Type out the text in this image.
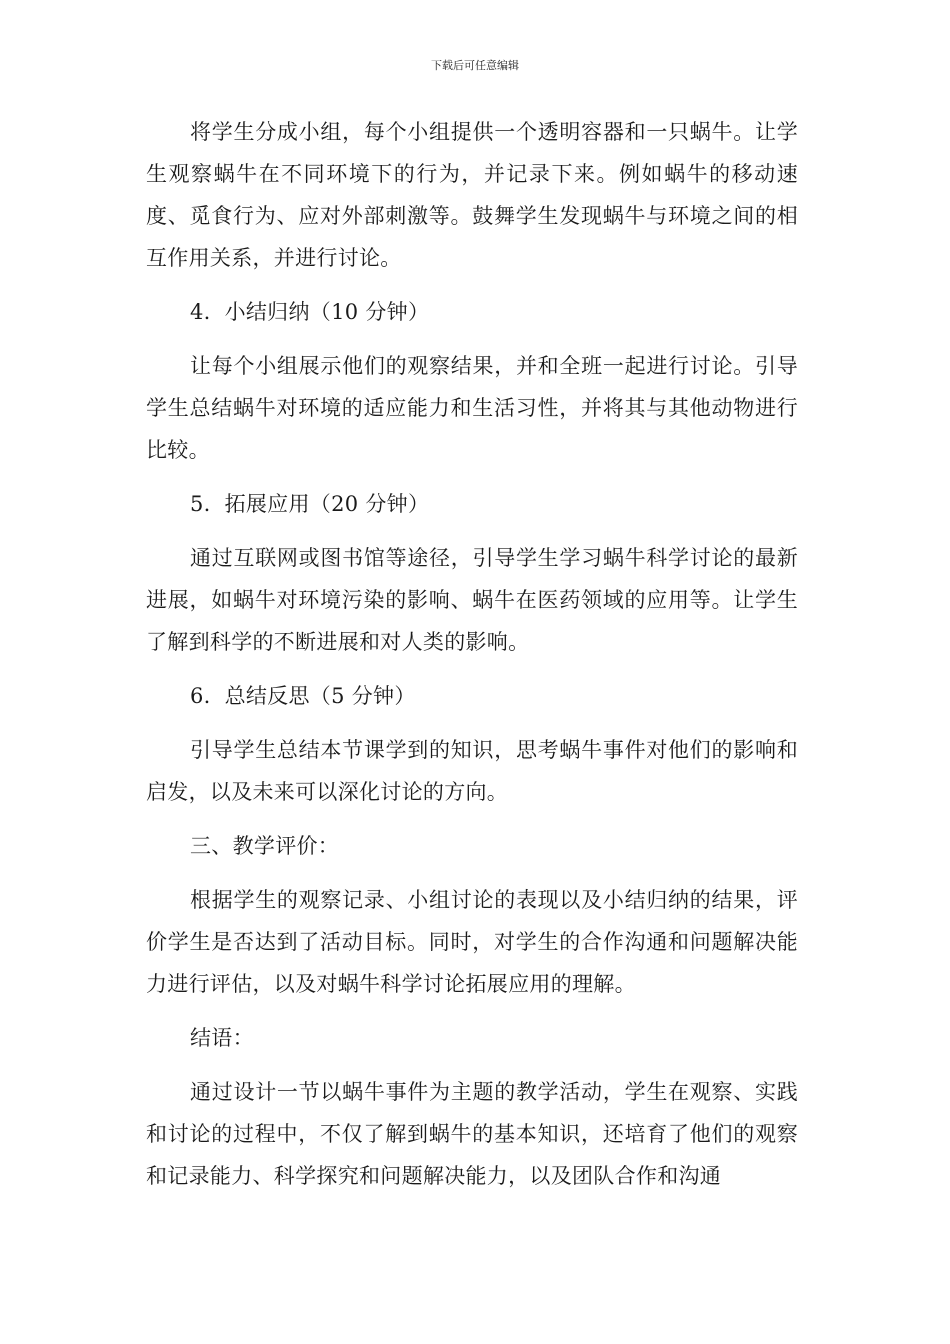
下载后可任意编辑

将学生分成小组，每个小组提供一个透明容器和一只蜗牛。让学生观察蜗牛在不同环境下的行为，并记录下来。例如蜗牛的移动速度、觅食行为、应对外部刺激等。鼓舞学生发现蜗牛与环境之间的相互作用关系，并进行讨论。

4.  小结归纳（10 分钟）

让每个小组展示他们的观察结果，并和全班一起进行讨论。引导学生总结蜗牛对环境的适应能力和生活习性，并将其与其他动物进行比较。

5.  拓展应用（20 分钟）

通过互联网或图书馆等途径，引导学生学习蜗牛科学讨论的最新进展，如蜗牛对环境污染的影响、蜗牛在医药领域的应用等。让学生了解到科学的不断进展和对人类的影响。

6.  总结反思（5 分钟）

引导学生总结本节课学到的知识，思考蜗牛事件对他们的影响和启发，以及未来可以深化讨论的方向。

三、教学评价：

根据学生的观察记录、小组讨论的表现以及小结归纳的结果，评价学生是否达到了活动目标。同时，对学生的合作沟通和问题解决能力进行评估，以及对蜗牛科学讨论拓展应用的理解。

结语：

通过设计一节以蜗牛事件为主题的教学活动，学生在观察、实践和讨论的过程中，不仅了解到蜗牛的基本知识，还培育了他们的观察和记录能力、科学探究和问题解决能力，以及团队合作和沟通
